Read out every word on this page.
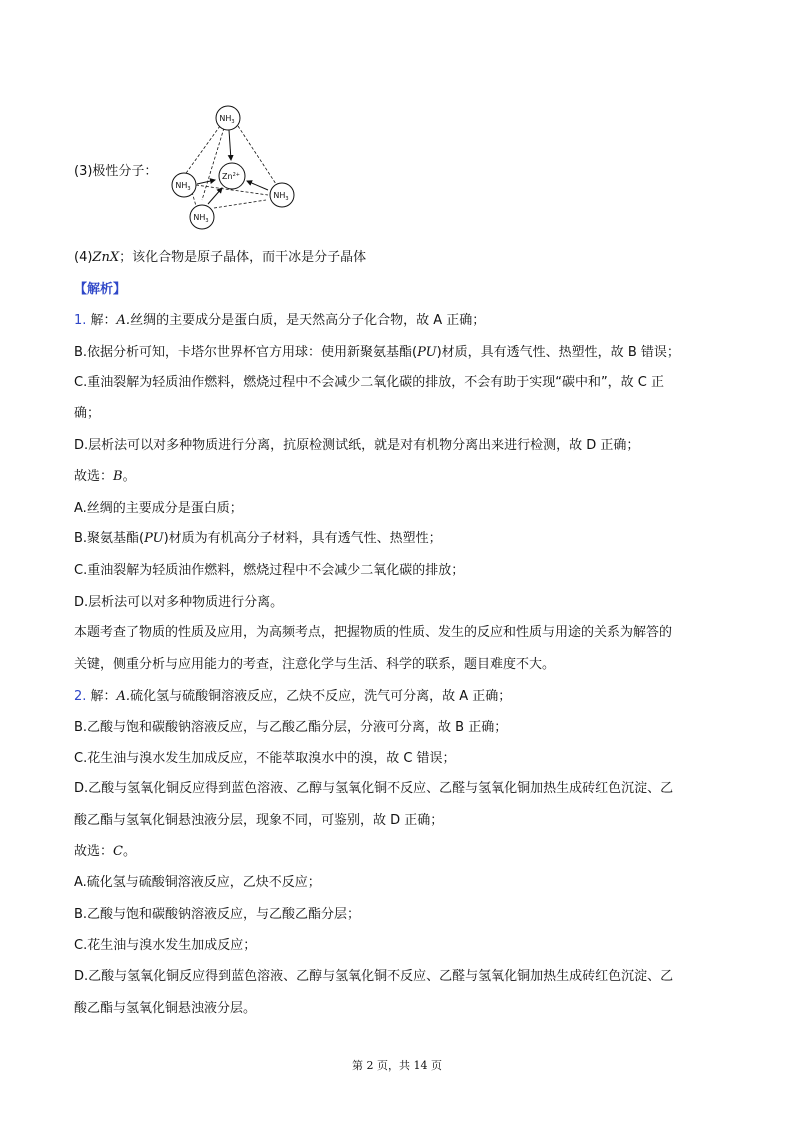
(3)极性分子：
$NH_3$
$NH_3$
$NH_3$
$NH_3$
$Zn^{2+}$
(4)ZnX；该化合物是原子晶体，而干冰是分子晶体
【解析】
1. 解：A.丝绸的主要成分是蛋白质，是天然高分子化合物，故 A 正确；
B.依据分析可知，卡塔尔世界杯官方用球：使用新聚氨基酯(PU)材质，具有透气性、热塑性，故 B 错误；
C.重油裂解为轻质油作燃料，燃烧过程中不会减少二氧化碳的排放，不会有助于实现“碳中和”，故 C 正
确；
D.层析法可以对多种物质进行分离，抗原检测试纸，就是对有机物分离出来进行检测，故 D 正确；
故选：B。
A.丝绸的主要成分是蛋白质；
B.聚氨基酯(PU)材质为有机高分子材料，具有透气性、热塑性；
C.重油裂解为轻质油作燃料，燃烧过程中不会减少二氧化碳的排放；
D.层析法可以对多种物质进行分离。
本题考查了物质的性质及应用，为高频考点，把握物质的性质、发生的反应和性质与用途的关系为解答的
关键，侧重分析与应用能力的考查，注意化学与生活、科学的联系，题目难度不大。
2. 解：A.硫化氢与硫酸铜溶液反应，乙炔不反应，洗气可分离，故 A 正确；
B.乙酸与饱和碳酸钠溶液反应，与乙酸乙酯分层，分液可分离，故 B 正确；
C.花生油与溴水发生加成反应，不能萃取溴水中的溴，故 C 错误；
D.乙酸与氢氧化铜反应得到蓝色溶液、乙醇与氢氧化铜不反应、乙醛与氢氧化铜加热生成砖红色沉淀、乙
酸乙酯与氢氧化铜悬浊液分层，现象不同，可鉴别，故 D 正确；
故选：C。
A.硫化氢与硫酸铜溶液反应，乙炔不反应；
B.乙酸与饱和碳酸钠溶液反应，与乙酸乙酯分层；
C.花生油与溴水发生加成反应；
D.乙酸与氢氧化铜反应得到蓝色溶液、乙醇与氢氧化铜不反应、乙醛与氢氧化铜加热生成砖红色沉淀、乙
酸乙酯与氢氧化铜悬浊液分层。
第 2 页，共 14 页
